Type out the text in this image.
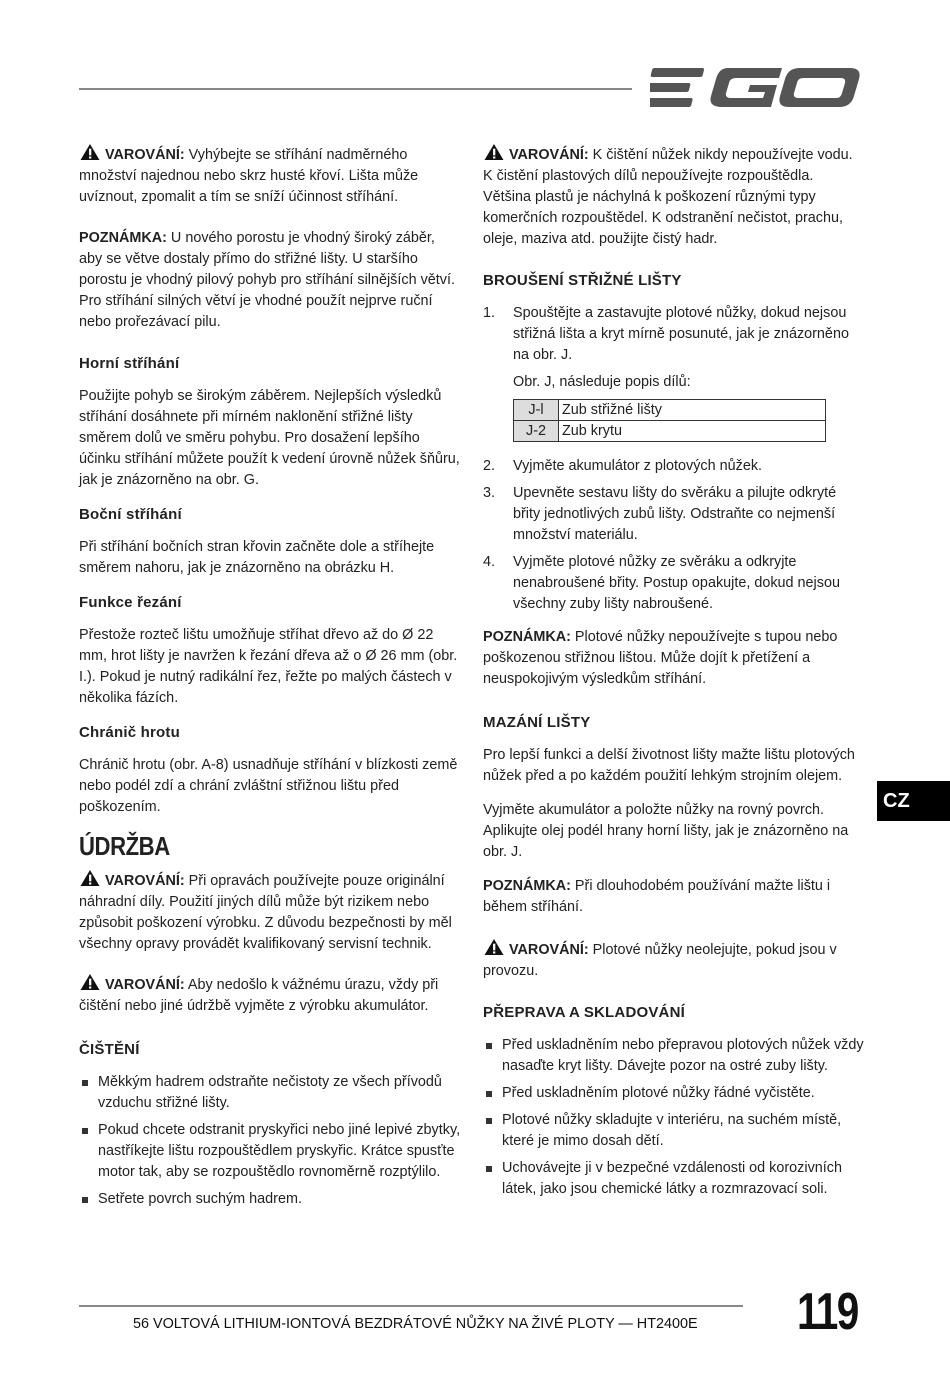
VAROVÁNÍ: Vyhýbejte se stříhání nadměrného množství najednou nebo skrz husté křoví. Lišta může uvíznout, zpomalit a tím se sníží účinnost stříhání.

POZNÁMKA: U nového porostu je vhodný široký záběr, aby se větve dostaly přímo do střižné lišty. U staršího porostu je vhodný pilový pohyb pro stříhání silnějších větví. Pro stříhání silných větví je vhodné použít nejprve ruční nebo prořezávací pilu.

Horní stříhání

Použijte pohyb se širokým záběrem. Nejlepších výsledků stříhání dosáhnete při mírném naklonění střižné lišty směrem dolů ve směru pohybu. Pro dosažení lepšího účinku stříhání můžete použít k vedení úrovně nůžek šňůru, jak je znázorněno na obr. G.

Boční stříhání

Při stříhání bočních stran křovin začněte dole a stříhejte směrem nahoru, jak je znázorněno na obrázku H.

Funkce řezání

Přestože rozteč lištu umožňuje stříhat dřevo až do Ø 22 mm, hrot lišty je navržen k řezání dřeva až o Ø 26 mm (obr. I.). Pokud je nutný radikální řez, řežte po malých částech v několika fázích.

Chránič hrotu

Chránič hrotu (obr. A-8) usnadňuje stříhání v blízkosti země nebo podél zdí a chrání zvláštní střižnou lištu před poškozením.

ÚDRŽBA

VAROVÁNÍ: Při opravách používejte pouze originální náhradní díly. Použití jiných dílů může být rizikem nebo způsobit poškození výrobku. Z důvodu bezpečnosti by měl všechny opravy provádět kvalifikovaný servisní technik.

VAROVÁNÍ: Aby nedošlo k vážnému úrazu, vždy při čištění nebo jiné údržbě vyjměte z výrobku akumulátor.

ČIŠTĚNÍ
Měkkým hadrem odstraňte nečistoty ze všech přívodů vzduchu střižné lišty.
Pokud chcete odstranit pryskyřici nebo jiné lepivé zbytky, nastříkejte lištu rozpouštědlem pryskyřic. Krátce spusťte motor tak, aby se rozpouštědlo rovnoměrně rozptýlilo.
Setřete povrch suchým hadrem.

VAROVÁNÍ: K čištění nůžek nikdy nepoužívejte vodu. K čistění plastových dílů nepoužívejte rozpouštědla. Většina plastů je náchylná k poškození různými typy komerčních rozpouštědel. K odstranění nečistot, prachu, oleje, maziva atd. použijte čistý hadr.

BROUŠENÍ STŘIŽNÉ LIŠTY
1. Spouštějte a zastavujte plotové nůžky, dokud nejsou střižná lišta a kryt mírně posunuté, jak je znázorněno na obr. J.

Obr. J, následuje popis dílů:

J-l	Zub střižné lišty
J-2	Zub krytu
2. Vyjměte akumulátor z plotových nůžek.
3. Upevněte sestavu lišty do svěráku a pilujte odkryté břity jednotlivých zubů lišty. Odstraňte co nejmenší množství materiálu.
4. Vyjměte plotové nůžky ze svěráku a odkryjte nenabroušené břity. Postup opakujte, dokud nejsou všechny zuby lišty nabroušené.

POZNÁMKA: Plotové nůžky nepoužívejte s tupou nebo poškozenou střižnou lištou. Může dojít k přetížení a neuspokojivým výsledkům stříhání.

MAZÁNÍ LIŠTY

Pro lepší funkci a delší životnost lišty mažte lištu plotových nůžek před a po každém použití lehkým strojním olejem.

Vyjměte akumulátor a položte nůžky na rovný povrch. Aplikujte olej podél hrany horní lišty, jak je znázorněno na obr. J.

POZNÁMKA: Při dlouhodobém používání mažte lištu i během stříhání.

VAROVÁNÍ: Plotové nůžky neolejujte, pokud jsou v provozu.

PŘEPRAVA A SKLADOVÁNÍ
Před uskladněním nebo přepravou plotových nůžek vždy nasaďte kryt lišty. Dávejte pozor na ostré zuby lišty.
Před uskladněním plotové nůžky řádné vyčistěte.
Plotové nůžky skladujte v interiéru, na suchém místě, které je mimo dosah dětí.
Uchovávejte ji v bezpečné vzdálenosti od korozivních látek, jako jsou chemické látky a rozmrazovací soli.
CZ
56 VOLTOVÁ LITHIUM-IONTOVÁ BEZDRÁTOVÉ NŮŽKY NA ŽIVÉ PLOTY — HT2400E 119
